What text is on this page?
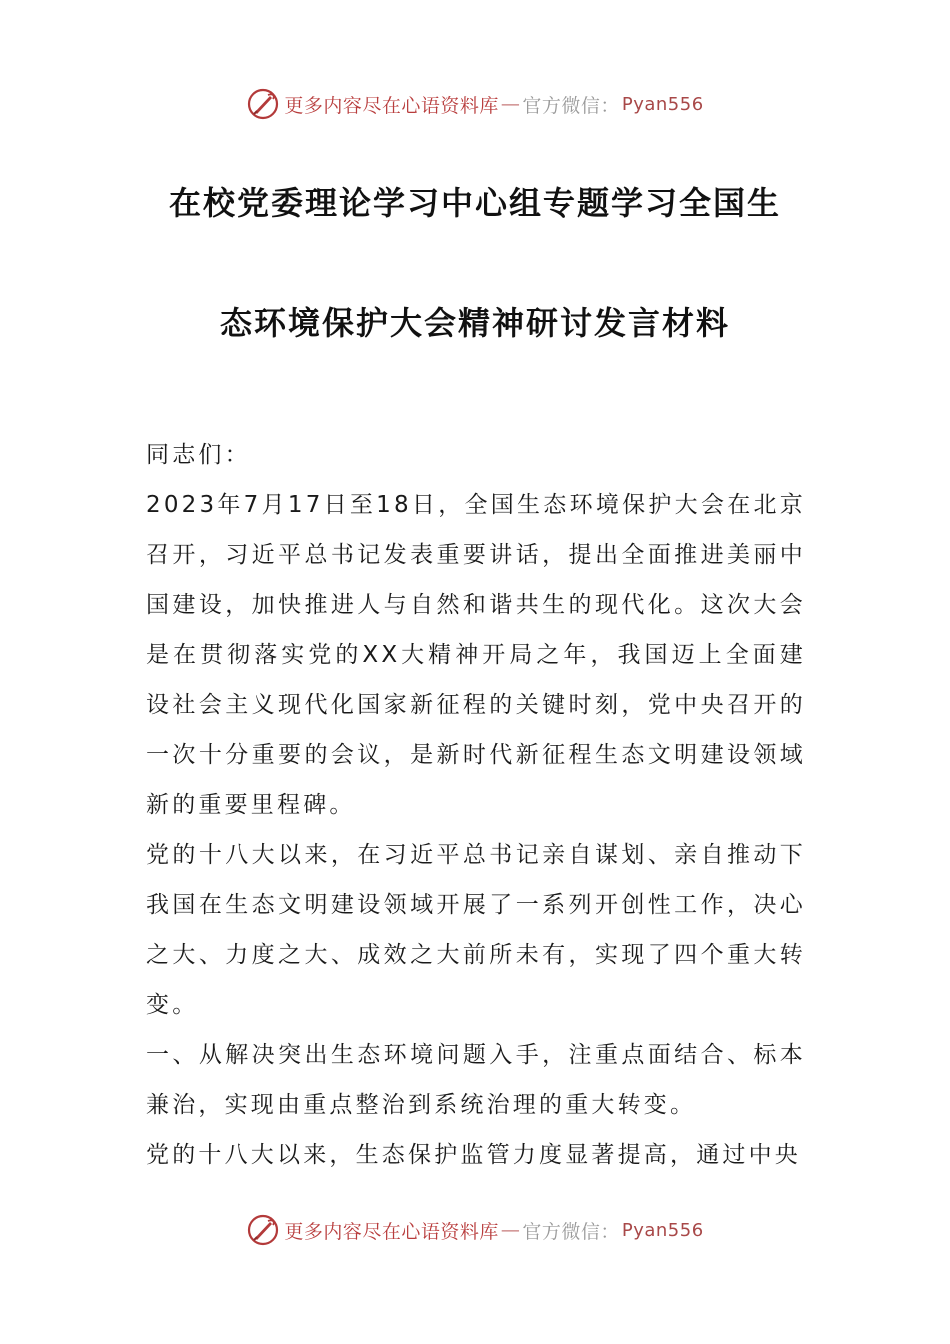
更多内容尽在心语资料库 — 官方微信： Pyan556
在校党委理论学习中心组专题学习全国生
态环境保护大会精神研讨发言材料

同志们：

2023年7月17日至18日，全国生态环境保护大会在北京召开，习近平总书记发表重要讲话，提出全面推进美丽中国建设，加快推进人与自然和谐共生的现代化。这次大会是在贯彻落实党的XX大精神开局之年，我国迈上全面建设社会主义现代化国家新征程的关键时刻，党中央召开的一次十分重要的会议，是新时代新征程生态文明建设领域新的重要里程碑。

党的十八大以来，在习近平总书记亲自谋划、亲自推动下我国在生态文明建设领域开展了一系列开创性工作，决心之大、力度之大、成效之大前所未有，实现了四个重大转变。

一、从解决突出生态环境问题入手，注重点面结合、标本兼治，实现由重点整治到系统治理的重大转变。

党的十八大以来，生态保护监管力度显著提高，通过中央

更多内容尽在心语资料库 — 官方微信： Pyan556
